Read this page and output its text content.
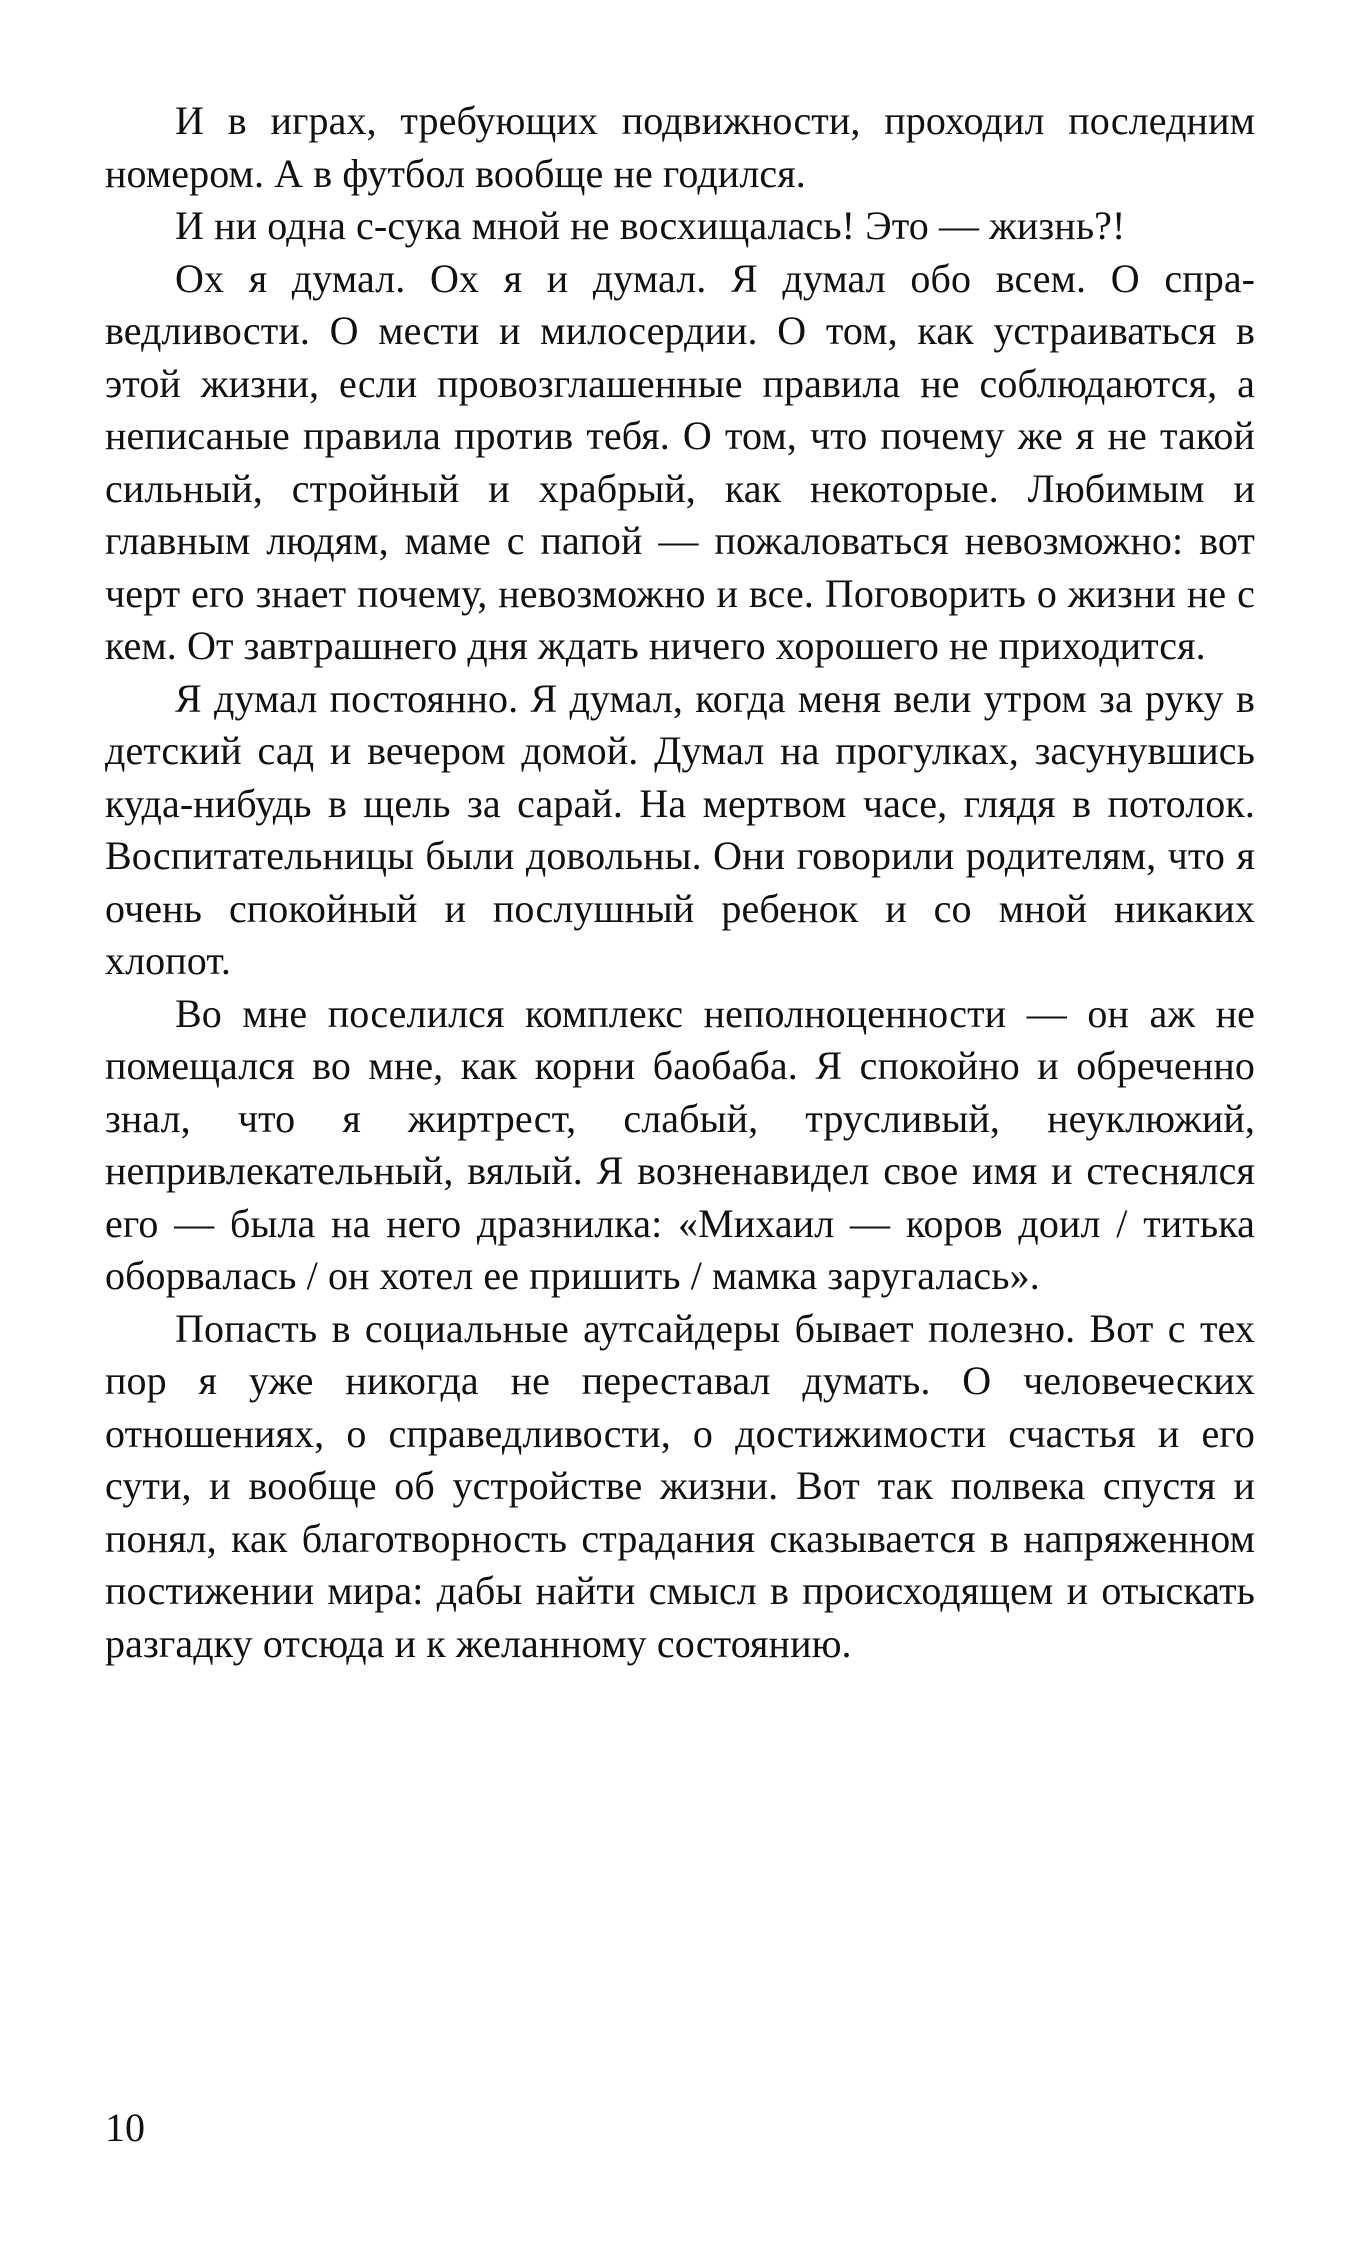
И в играх, требующих подвижности, проходил последним номером. А в футбол вообще не годился.

И ни одна с-сука мной не восхищалась! Это — жизнь?!

Ох я думал. Ох я и думал. Я думал обо всем. О справедливости. О мести и милосердии. О том, как устраиваться в этой жизни, если провозглашенные правила не соблюдаются, а неписаные правила против тебя. О том, что почему же я не такой сильный, стройный и храбрый, как некоторые. Любимым и главным людям, маме с папой — пожаловаться невозможно: вот черт его знает почему, невозможно и все. Поговорить о жизни не с кем. От завтрашнего дня ждать ничего хорошего не приходится.

Я думал постоянно. Я думал, когда меня вели утром за руку в детский сад и вечером домой. Думал на прогулках, засунувшись куда-нибудь в щель за сарай. На мертвом часе, глядя в потолок. Воспитательницы были довольны. Они говорили родителям, что я очень спокойный и послушный ребенок и со мной никаких хлопот.

Во мне поселился комплекс неполноценности — он аж не помещался во мне, как корни баобаба. Я спокойно и обреченно знал, что я жиртрест, слабый, трусливый, неуклюжий, непривлекательный, вялый. Я возненавидел свое имя и стеснялся его — была на него дразнилка: «Михаил — коров доил / титька оборвалась / он хотел ее пришить / мамка заругалась».

Попасть в социальные аутсайдеры бывает полезно. Вот с тех пор я уже никогда не переставал думать. О человеческих отношениях, о справедливости, о достижимости счастья и его сути, и вообще об устройстве жизни. Вот так полвека спустя и понял, как благотворность страдания сказывается в напряженном постижении мира: дабы найти смысл в происходящем и отыскать разгадку отсюда и к желанному состоянию.

10
